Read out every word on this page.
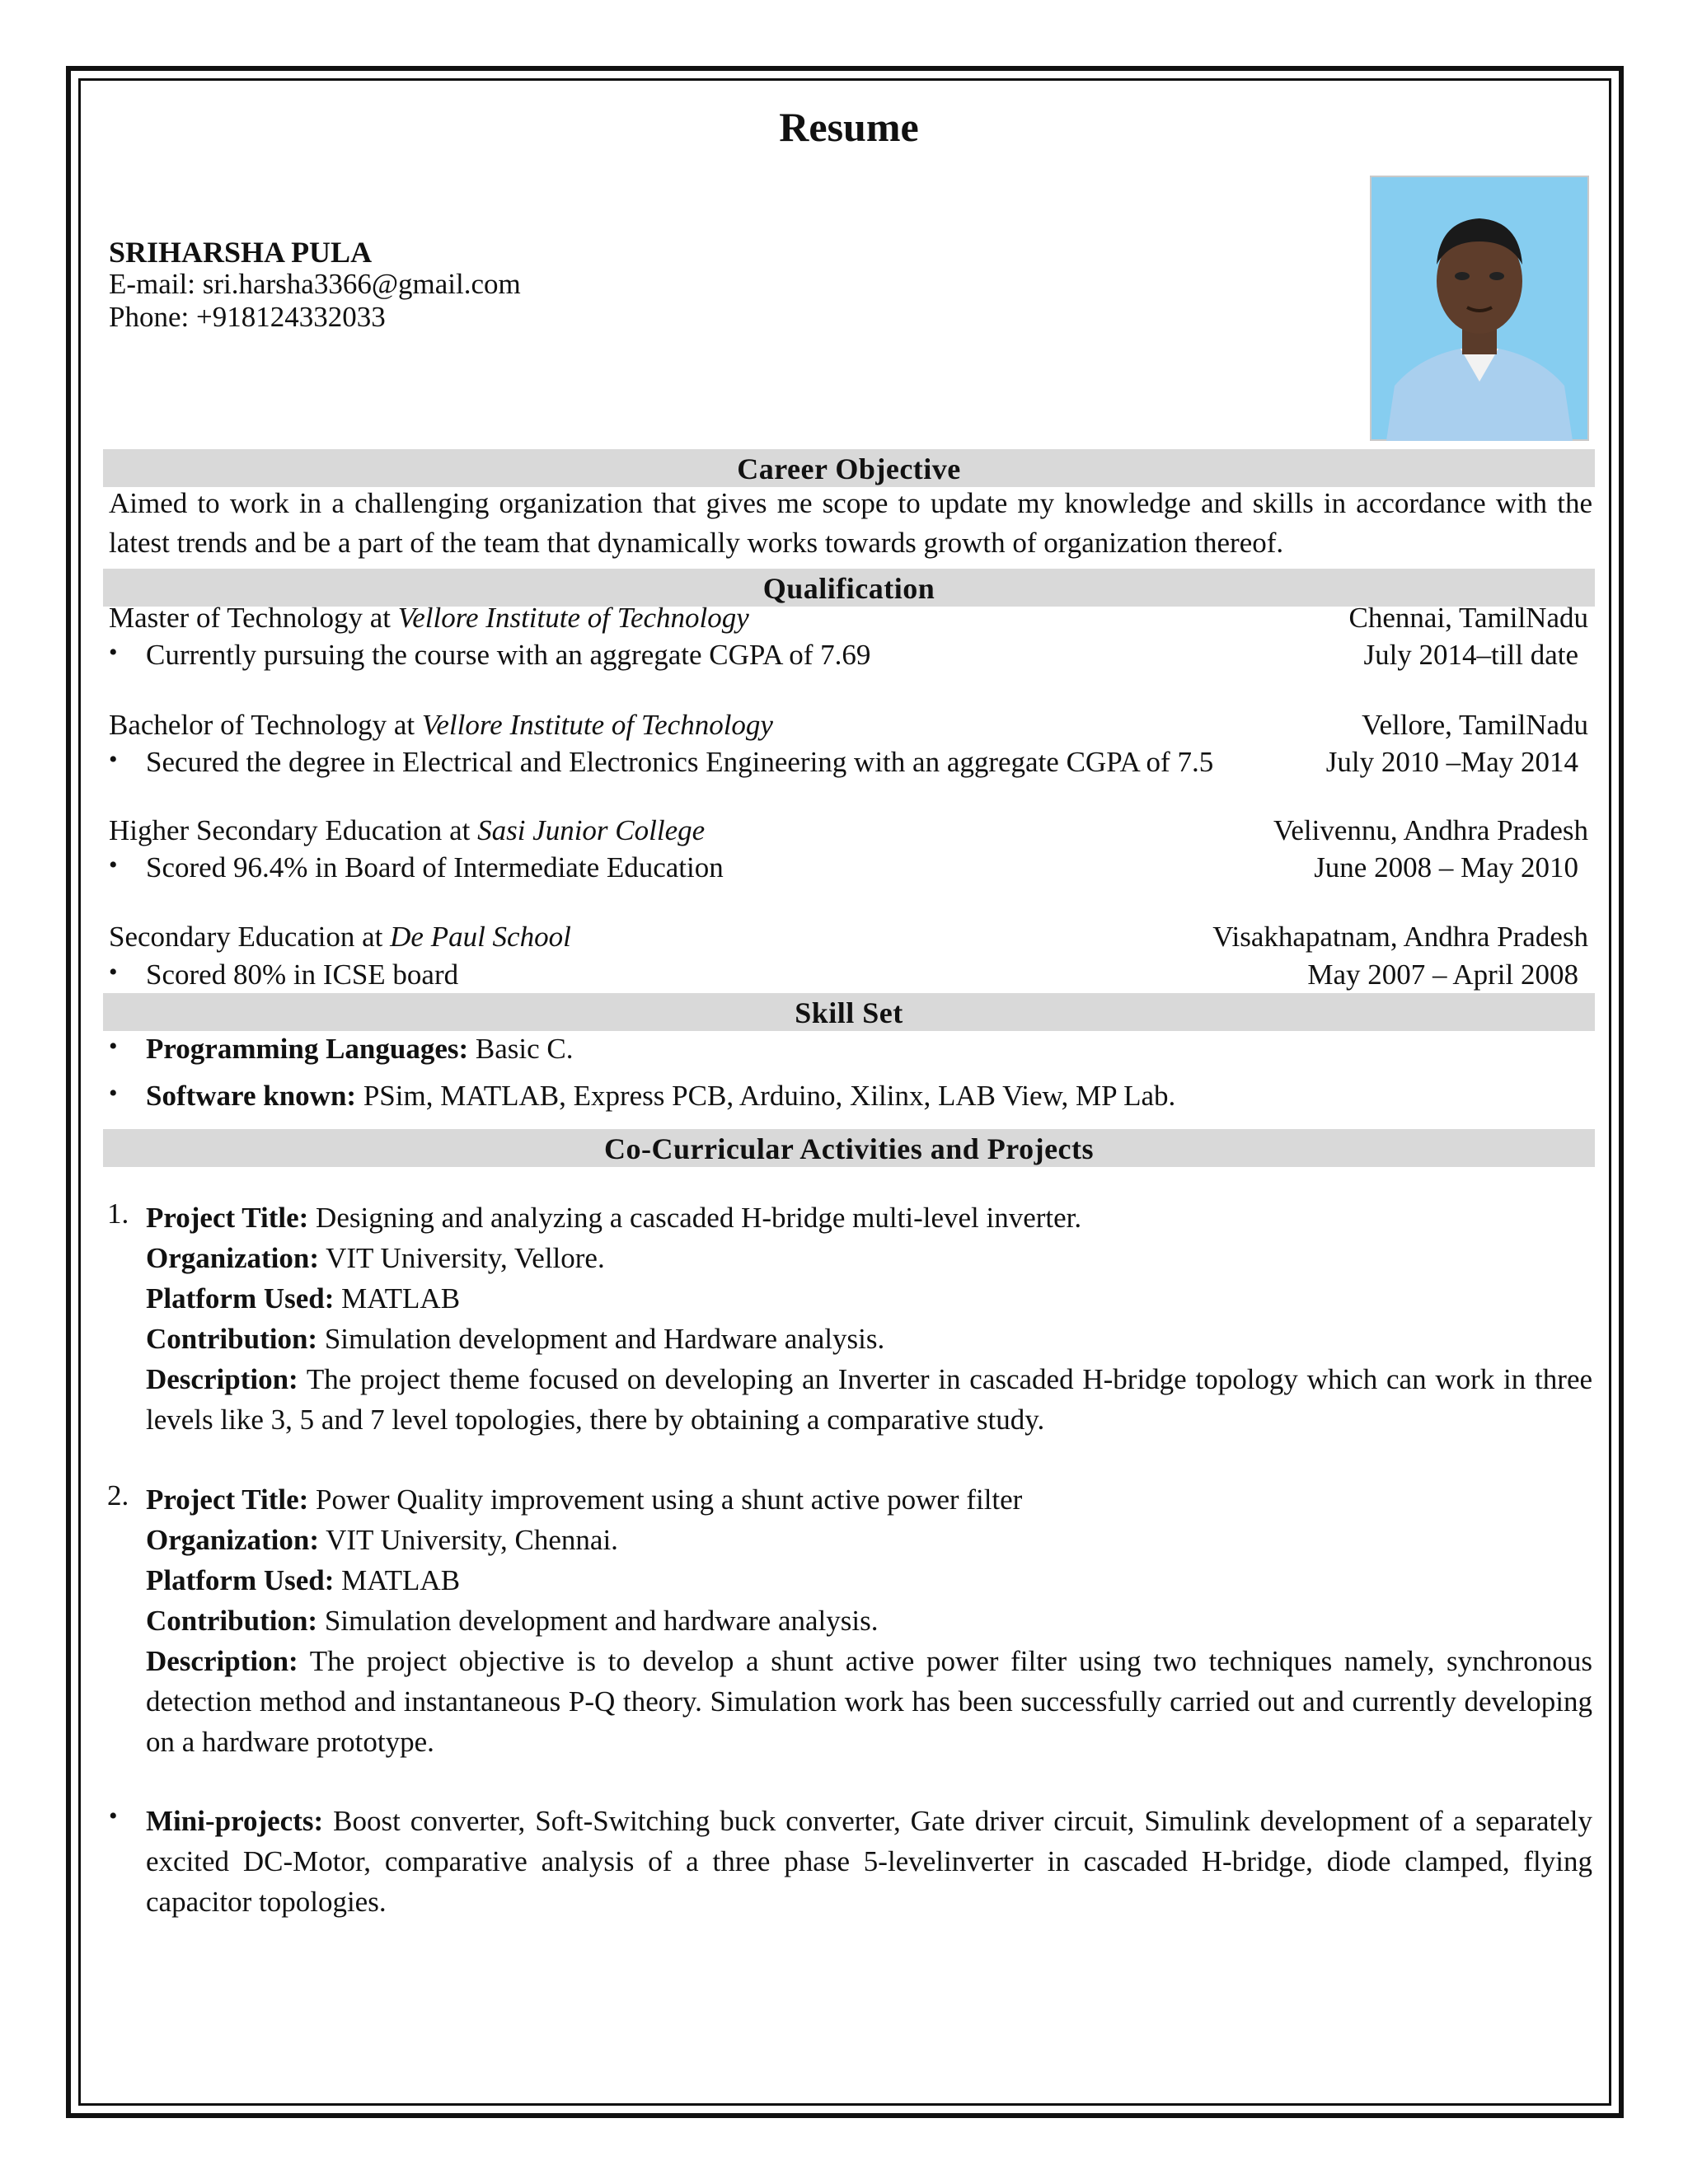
Resume
SRIHARSHA PULA
E-mail: sri.harsha3366@gmail.com
Phone: +918124332033
Career Objective
Aimed to work in a challenging organization that gives me scope to update my knowledge and skills in accordance with the latest trends and be a part of the team that dynamically works towards growth of organization thereof.
Qualification
Master of Technology at Vellore Institute of Technology	Chennai, TamilNadu
• Currently pursuing the course with an aggregate CGPA of 7.69	July 2014–till date
Bachelor of Technology at Vellore Institute of Technology	Vellore, TamilNadu
• Secured the degree in Electrical and Electronics Engineering with an aggregate CGPA of 7.5	July 2010 –May 2014
Higher Secondary Education at Sasi Junior College	Velivennu, Andhra Pradesh
• Scored 96.4% in Board of Intermediate Education	June 2008 – May 2010
Secondary Education at De Paul School	Visakhapatnam, Andhra Pradesh
• Scored 80% in ICSE board	May 2007 – April 2008
Skill Set
• Programming Languages: Basic C.
• Software known: PSim, MATLAB, Express PCB, Arduino, Xilinx, LAB View, MP Lab.
Co-Curricular Activities and Projects
1. Project Title: Designing and analyzing a cascaded H-bridge multi-level inverter.
Organization: VIT University, Vellore.
Platform Used: MATLAB
Contribution: Simulation development and Hardware analysis.
Description: The project theme focused on developing an Inverter in cascaded H-bridge topology which can work in three levels like 3, 5 and 7 level topologies, there by obtaining a comparative study.
2. Project Title: Power Quality improvement using a shunt active power filter
Organization: VIT University, Chennai.
Platform Used: MATLAB
Contribution: Simulation development and hardware analysis.
Description: The project objective is to develop a shunt active power filter using two techniques namely, synchronous detection method and instantaneous P-Q theory. Simulation work has been successfully carried out and currently developing on a hardware prototype.
• Mini-projects: Boost converter, Soft-Switching buck converter, Gate driver circuit, Simulink development of a separately excited DC-Motor, comparative analysis of a three phase 5-levelinverter in cascaded H-bridge, diode clamped, flying capacitor topologies.
